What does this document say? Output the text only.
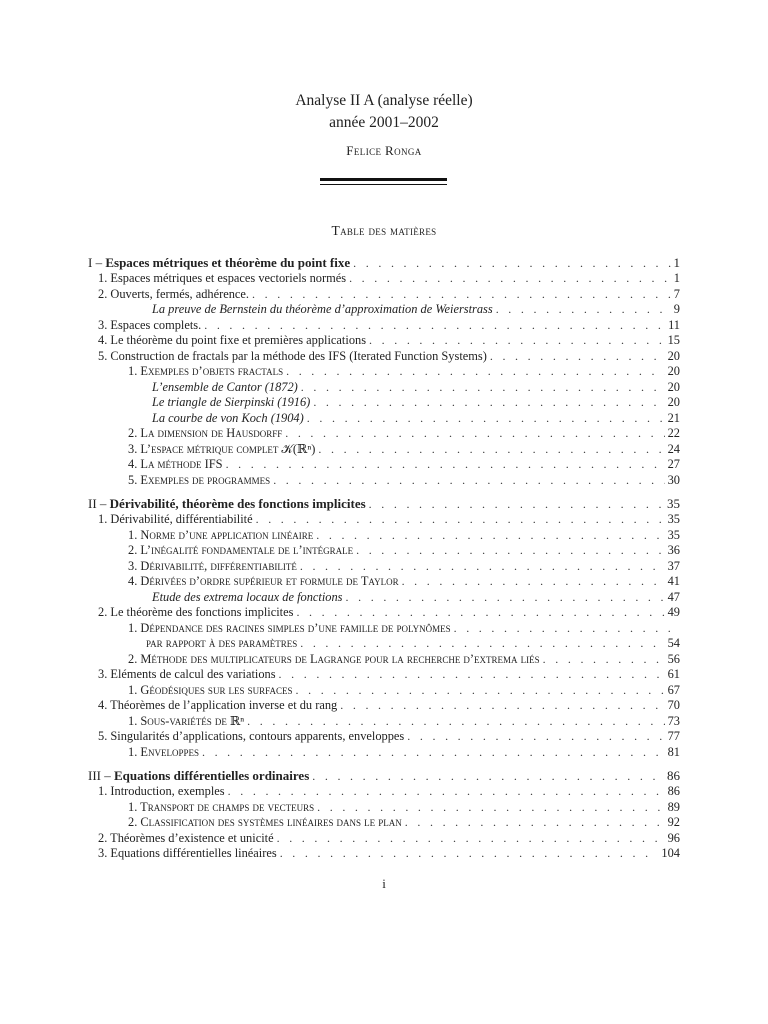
Analyse II A (analyse réelle)
année 2001–2002
Felice Ronga
Table des matières
I – Espaces métriques et théorème du point fixe . . .	1
1. Espaces métriques et espaces vectoriels normés . . .	1
2. Ouverts, fermés, adhérence. . . .	7
La preuve de Bernstein du théorème d’approximation de Weierstrass . . .	9
3. Espaces complets. . . .	11
4. Le théorème du point fixe et premières applications . . .	15
5. Construction de fractals par la méthode des IFS (Iterated Function Systems) . . .	20
1. Exemples d’objets fractals . . .	20
L’ensemble de Cantor (1872) . . .	20
Le triangle de Sierpinski (1916) . . .	20
La courbe de von Koch (1904) . . .	21
2. La dimension de Hausdorff . . .	22
3. L’espace métrique complet 𝒦(ℝⁿ) . . .	24
4. La méthode IFS . . .	27
5. Exemples de programmes . . .	30
II – Dérivabilité, théorème des fonctions implicites . . .	35
1. Dérivabilité, différentiabilité . . .	35
1. Norme d’une application linéaire . . .	35
2. L’inégalité fondamentale de l’intégrale . . .	36
3. Dérivabilité, différentiabilité . . .	37
4. Dérivées d’ordre supérieur et formule de Taylor . . .	41
Etude des extrema locaux de fonctions . . .	47
2. Le théorème des fonctions implicites . . .	49
1. Dépendance des racines simples d’une famille de polynômes
. . .
par rapport à des paramètres . . .	54
2. Méthode des multiplicateurs de Lagrange pour la recherche d’extrema liés . . .	56
3. Eléments de calcul des variations . . .	61
1. Géodésiques sur les surfaces . . .	67
4. Théorèmes de l’application inverse et du rang . . .	70
1. Sous-variétés de ℝⁿ . . .	73
5. Singularités d’applications, contours apparents, enveloppes . . .	77
1. Enveloppes . . .	81
III – Equations différentielles ordinaires . . .	86
1. Introduction, exemples . . .	86
1. Transport de champs de vecteurs . . .	89
2. Classification des systèmes linéaires dans le plan . . .	92
2. Théorèmes d’existence et unicité . . .	96
3. Equations différentielles linéaires . . .	104
i
